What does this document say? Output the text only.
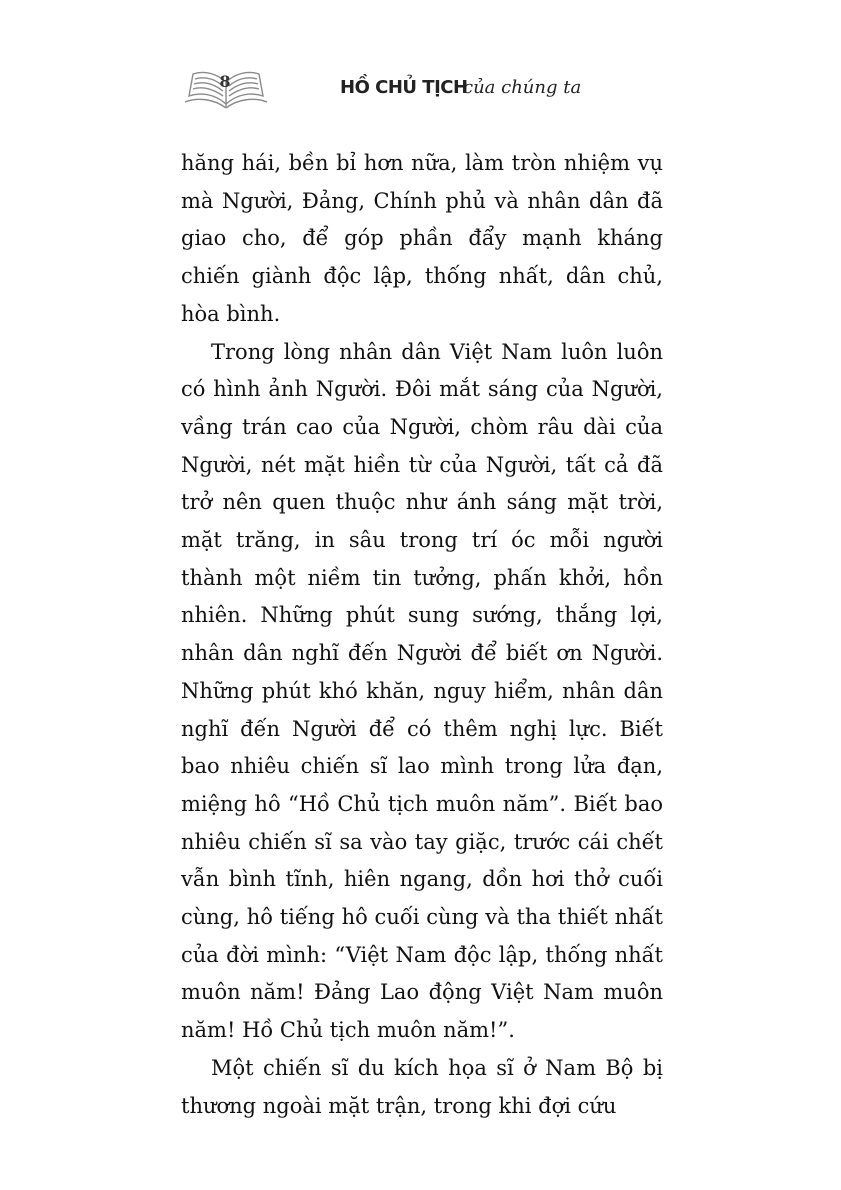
8	HỒ CHỦ TỊCH
của chúng ta

hăng hái, bền bỉ hơn nữa, làm tròn nhiệm vụ mà Người, Đảng, Chính phủ và nhân dân đã giao cho, để góp phần đẩy mạnh kháng chiến giành độc lập, thống nhất, dân chủ, hòa bình.

Trong lòng nhân dân Việt Nam luôn luôn có hình ảnh Người. Đôi mắt sáng của Người, vầng trán cao của Người, chòm râu dài của Người, nét mặt hiền từ của Người, tất cả đã trở nên quen thuộc như ánh sáng mặt trời, mặt trăng, in sâu trong trí óc mỗi người thành một niềm tin tưởng, phấn khởi, hồn nhiên. Những phút sung sướng, thắng lợi, nhân dân nghĩ đến Người để biết ơn Người. Những phút khó khăn, nguy hiểm, nhân dân nghĩ đến Người để có thêm nghị lực. Biết bao nhiêu chiến sĩ lao mình trong lửa đạn, miệng hô “Hồ Chủ tịch muôn năm”. Biết bao nhiêu chiến sĩ sa vào tay giặc, trước cái chết vẫn bình tĩnh, hiên ngang, dồn hơi thở cuối cùng, hô tiếng hô cuối cùng và tha thiết nhất của đời mình: “Việt Nam độc lập, thống nhất muôn năm! Đảng Lao động Việt Nam muôn năm! Hồ Chủ tịch muôn năm!”.

Một chiến sĩ du kích họa sĩ ở Nam Bộ bị thương ngoài mặt trận, trong khi đợi cứu
